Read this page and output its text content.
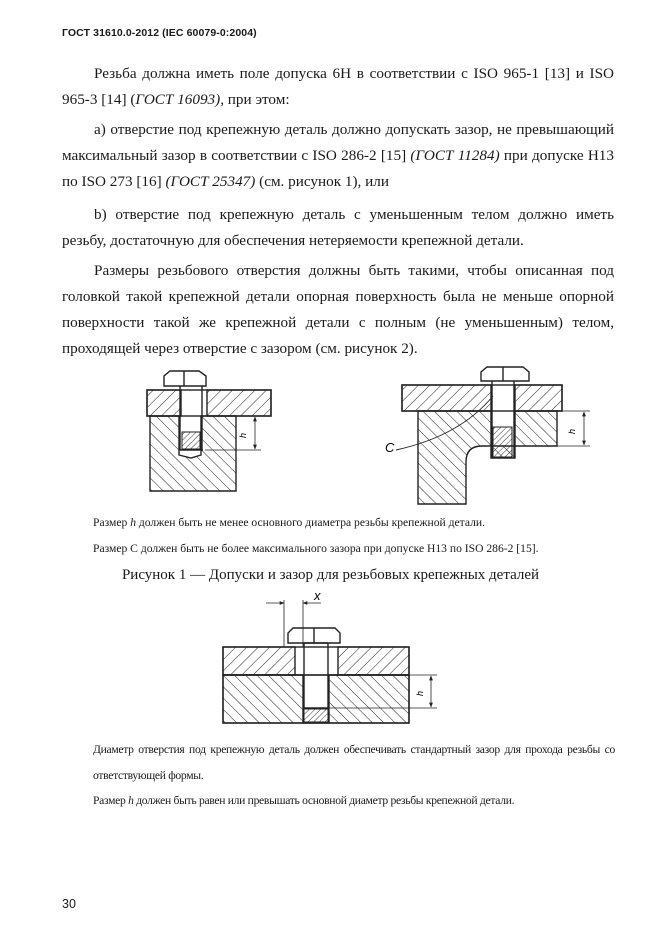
ГОСТ 31610.0-2012 (IEC 60079-0:2004)

Резьба должна иметь поле допуска 6Н в соответствии с ISO 965-1 [13] и ISO 965-3 [14] (ГОСТ 16093), при этом:

a) отверстие под крепежную деталь должно допускать зазор, не превышающий максимальный зазор в соответствии с ISO 286-2 [15] (ГОСТ 11284) при допуске H13 по ISO 273 [16] (ГОСТ 25347) (см. рисунок 1), или

b) отверстие под крепежную деталь с уменьшенным телом должно иметь резьбу, достаточную для обеспечения нетеряемости крепежной детали.

Размеры резьбового отверстия должны быть такими, чтобы описанная под головкой такой крепежной детали опорная поверхность была не меньше опорной поверхности такой же крепежной детали с полным (не уменьшенным) телом, проходящей через отверстие с зазором (см. рисунок 2).

h
h
C
x
h

Размер h должен быть не менее основного диаметра резьбы крепежной детали.

Размер С должен быть не более максимального зазора при допуске H13 по ISO 286-2 [15].

Рисунок 1 — Допуски и зазор для резьбовых крепежных деталей

Диаметр отверстия под крепежную деталь должен обеспечивать стандартный зазор для прохода резьбы со ответствующей формы.

Размер h должен быть равен или превышать основной диаметр резьбы крепежной детали.

30
